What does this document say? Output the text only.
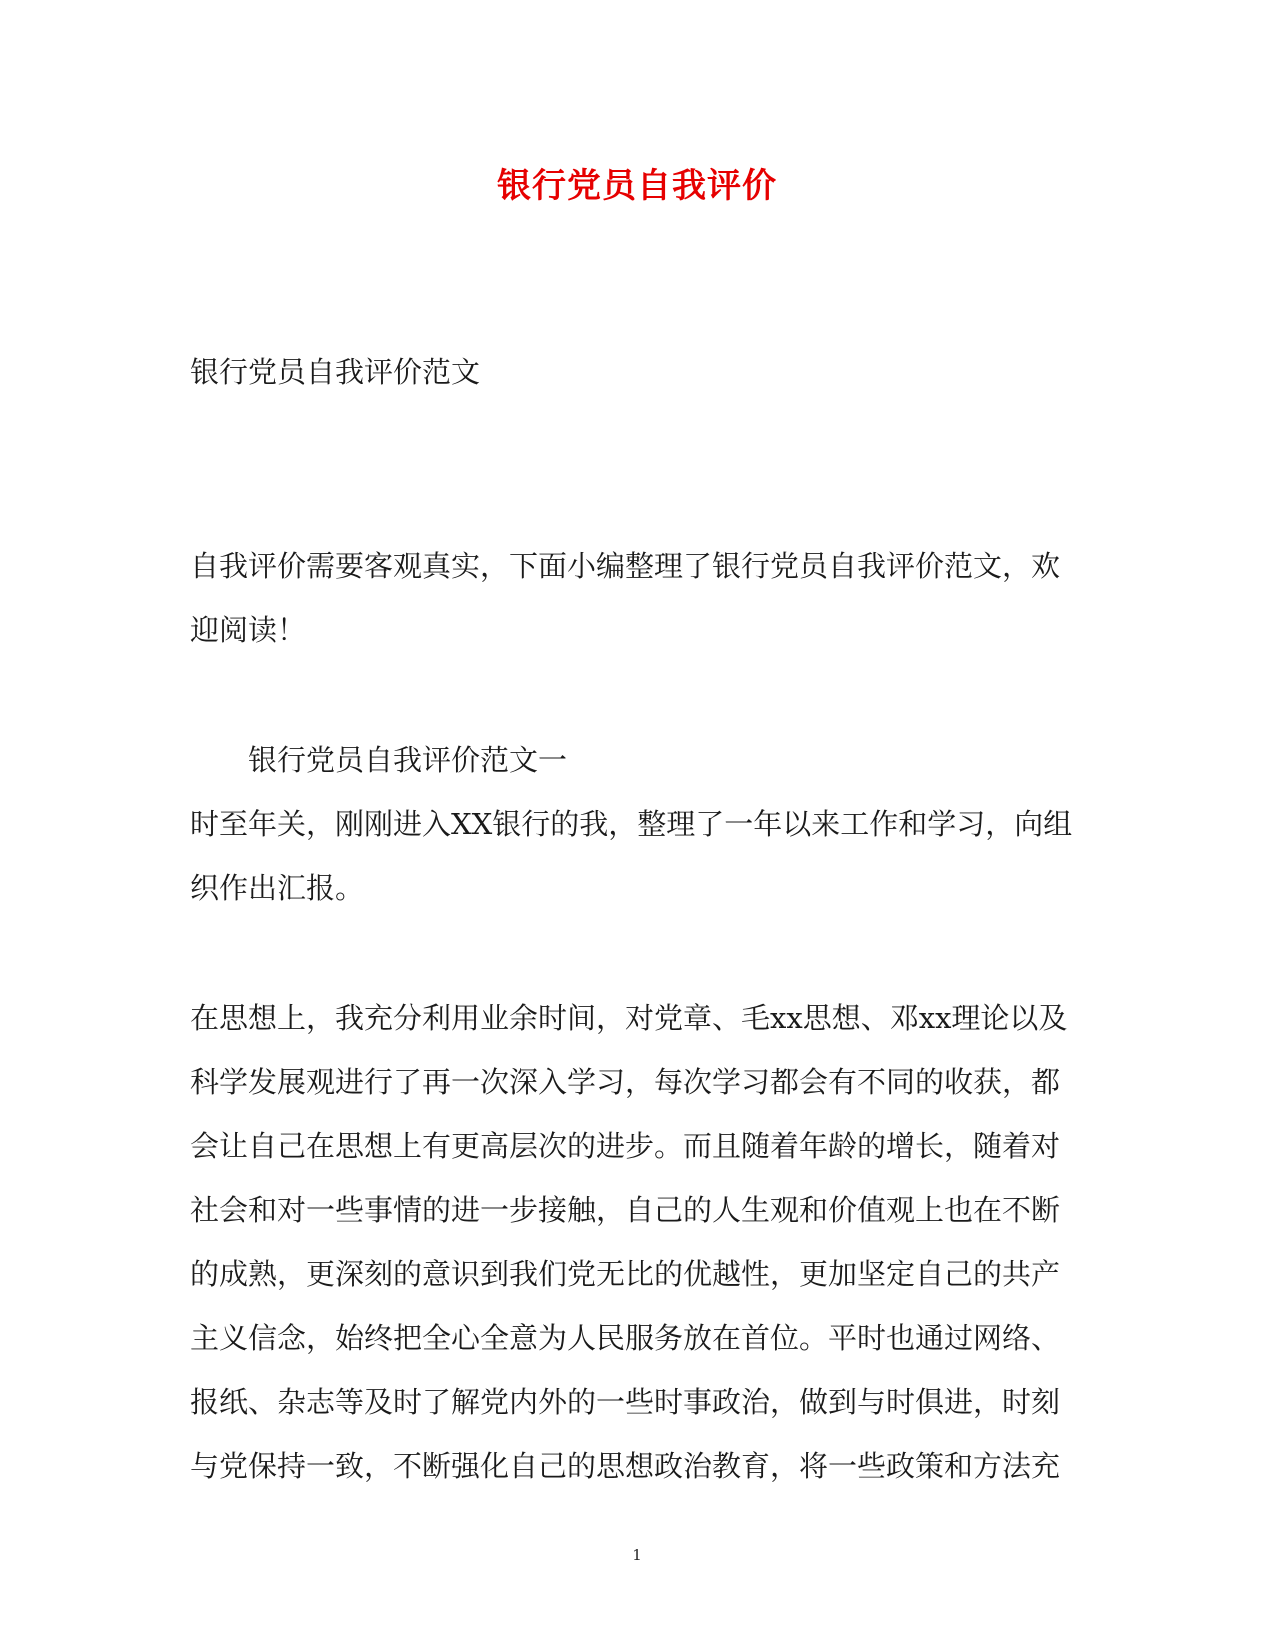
银行党员自我评价
银行党员自我评价范文
自我评价需要客观真实，下面小编整理了银行党员自我评价范文，欢
迎阅读！
银行党员自我评价范文一
时至年关，刚刚进入XX银行的我，整理了一年以来工作和学习，向组
织作出汇报。
在思想上，我充分利用业余时间，对党章、毛xx思想、邓xx理论以及
科学发展观进行了再一次深入学习，每次学习都会有不同的收获，都
会让自己在思想上有更高层次的进步。而且随着年龄的增长，随着对
社会和对一些事情的进一步接触，自己的人生观和价值观上也在不断
的成熟，更深刻的意识到我们党无比的优越性，更加坚定自己的共产
主义信念，始终把全心全意为人民服务放在首位。平时也通过网络、
报纸、杂志等及时了解党内外的一些时事政治，做到与时俱进，时刻
与党保持一致，不断强化自己的思想政治教育，将一些政策和方法充
1
